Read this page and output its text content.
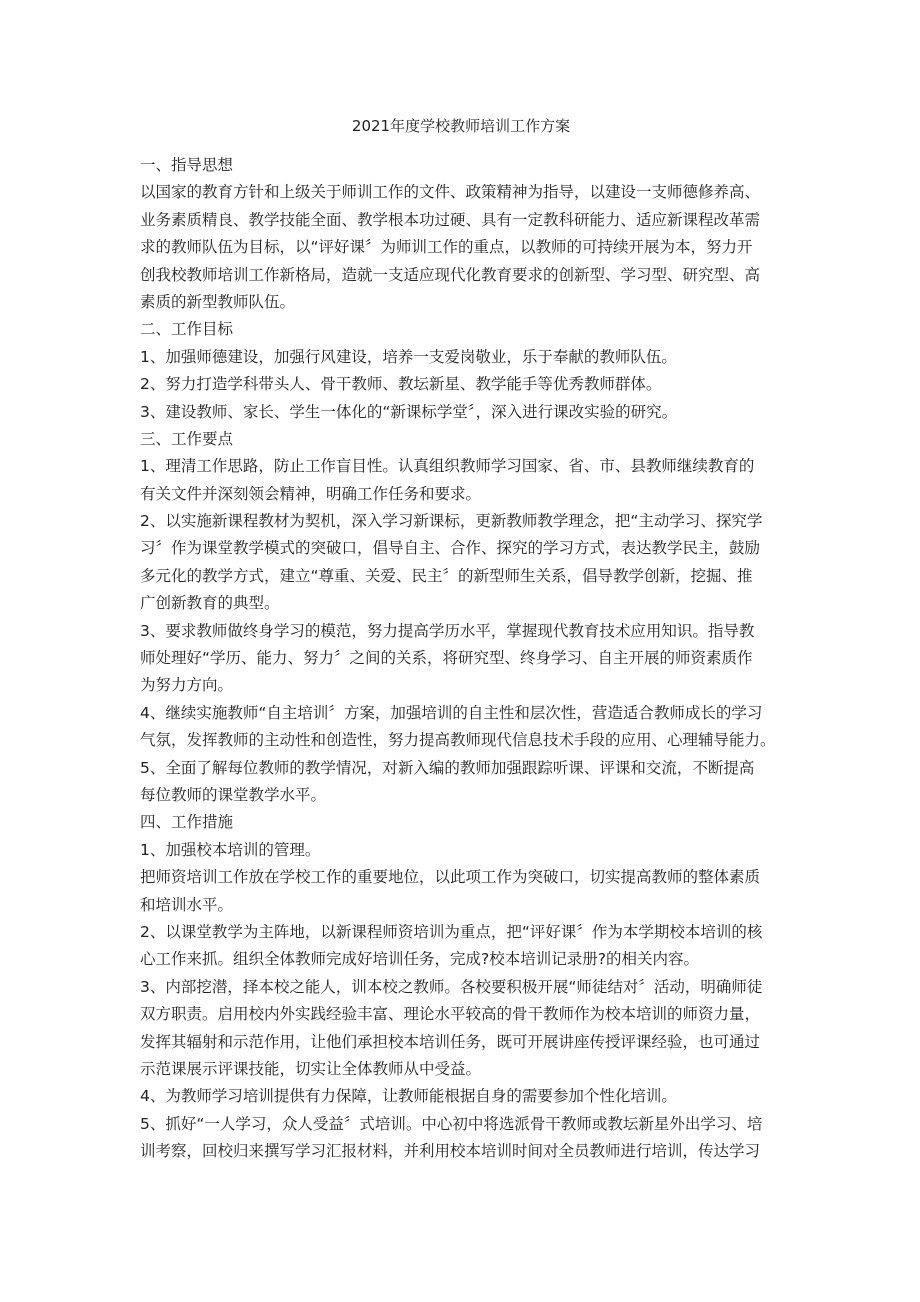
2021年度学校教师培训工作方案

一、指导思想

以国家的教育方针和上级关于师训工作的文件、政策精神为指导，以建设一支师德修养高、

业务素质精良、教学技能全面、教学根本功过硬、具有一定教科研能力、适应新课程改革需

求的教师队伍为目标，以“评好课〞为师训工作的重点，以教师的可持续开展为本，努力开

创我校教师培训工作新格局，造就一支适应现代化教育要求的创新型、学习型、研究型、高

素质的新型教师队伍。

二、工作目标

1、加强师德建设，加强行风建设，培养一支爱岗敬业，乐于奉献的教师队伍。

2、努力打造学科带头人、骨干教师、教坛新星、教学能手等优秀教师群体。

3、建设教师、家长、学生一体化的“新课标学堂〞，深入进行课改实验的研究。

三、工作要点

1、理清工作思路，防止工作盲目性。认真组织教师学习国家、省、市、县教师继续教育的

有关文件并深刻领会精神，明确工作任务和要求。

2、以实施新课程教材为契机，深入学习新课标，更新教师教学理念，把“主动学习、探究学

习〞作为课堂教学模式的突破口，倡导自主、合作、探究的学习方式，表达教学民主，鼓励

多元化的教学方式，建立“尊重、关爱、民主〞的新型师生关系，倡导教学创新，挖掘、推

广创新教育的典型。

3、要求教师做终身学习的模范，努力提高学历水平，掌握现代教育技术应用知识。指导教

师处理好“学历、能力、努力〞之间的关系，将研究型、终身学习、自主开展的师资素质作

为努力方向。

4、继续实施教师“自主培训〞方案，加强培训的自主性和层次性，营造适合教师成长的学习

气氛，发挥教师的主动性和创造性，努力提高教师现代信息技术手段的应用、心理辅导能力。

5、全面了解每位教师的教学情况，对新入编的教师加强跟踪听课、评课和交流，不断提高

每位教师的课堂教学水平。

四、工作措施

1、加强校本培训的管理。

把师资培训工作放在学校工作的重要地位，以此项工作为突破口，切实提高教师的整体素质

和培训水平。

2、以课堂教学为主阵地，以新课程师资培训为重点，把“评好课〞作为本学期校本培训的核

心工作来抓。组织全体教师完成好培训任务，完成?校本培训记录册?的相关内容。

3、内部挖潜，择本校之能人，训本校之教师。各校要积极开展“师徒结对〞活动，明确师徒

双方职责。启用校内外实践经验丰富、理论水平较高的骨干教师作为校本培训的师资力量，

发挥其辐射和示范作用，让他们承担校本培训任务，既可开展讲座传授评课经验，也可通过

示范课展示评课技能，切实让全体教师从中受益。

4、为教师学习培训提供有力保障，让教师能根据自身的需要参加个性化培训。

5、抓好“一人学习，众人受益〞式培训。中心初中将选派骨干教师或教坛新星外出学习、培

训考察，回校归来撰写学习汇报材料，并利用校本培训时间对全员教师进行培训，传达学习
